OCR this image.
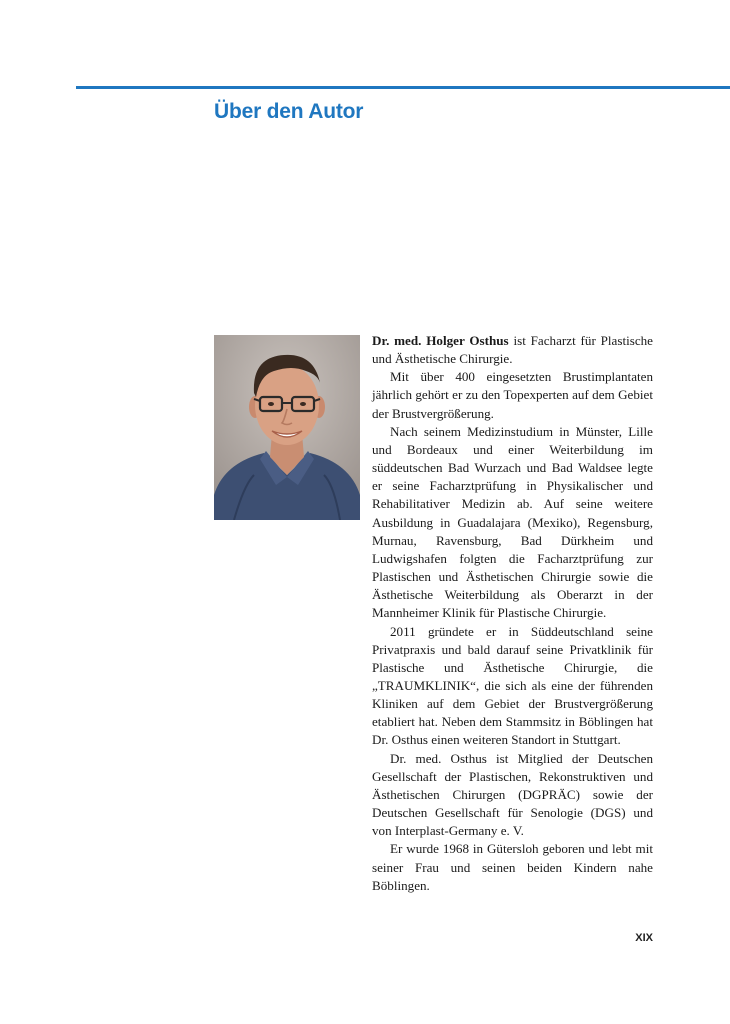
Über den Autor

Dr. med. Holger Osthus ist Facharzt für Plastische und Ästhetische Chirurgie.

Mit über 400 eingesetzten Brustimplantaten jährlich gehört er zu den Topexperten auf dem Gebiet der Brustvergrößerung.

Nach seinem Medizinstudium in Münster, Lille und Bordeaux und einer Weiterbildung im süddeutschen Bad Wurzach und Bad Waldsee legte er seine Facharztprüfung in Physikalischer und Rehabilitativer Medizin ab. Auf seine weitere Ausbildung in Guadalajara (Mexiko), Regensburg, Murnau, Ravensburg, Bad Dürkheim und Ludwigshafen folgten die Facharztprüfung zur Plastischen und Ästhetischen Chirurgie sowie die Ästhetische Weiterbildung als Oberarzt in der Mannheimer Klinik für Plastische Chirurgie.

2011 gründete er in Süddeutschland seine Privatpraxis und bald darauf seine Privatklinik für Plastische und Ästhetische Chirurgie, die „TRAUMKLINIK“, die sich als eine der führenden Kliniken auf dem Gebiet der Brustvergrößerung etabliert hat. Neben dem Stammsitz in Böblingen hat Dr. Osthus einen weiteren Standort in Stuttgart.

Dr. med. Osthus ist Mitglied der Deutschen Gesellschaft der Plastischen, Rekonstruktiven und Ästhetischen Chirurgen (DGPRÄC) sowie der Deutschen Gesellschaft für Senologie (DGS) und von Interplast-Germany e. V.

Er wurde 1968 in Gütersloh geboren und lebt mit seiner Frau und seinen beiden Kindern nahe Böblingen.

XIX
